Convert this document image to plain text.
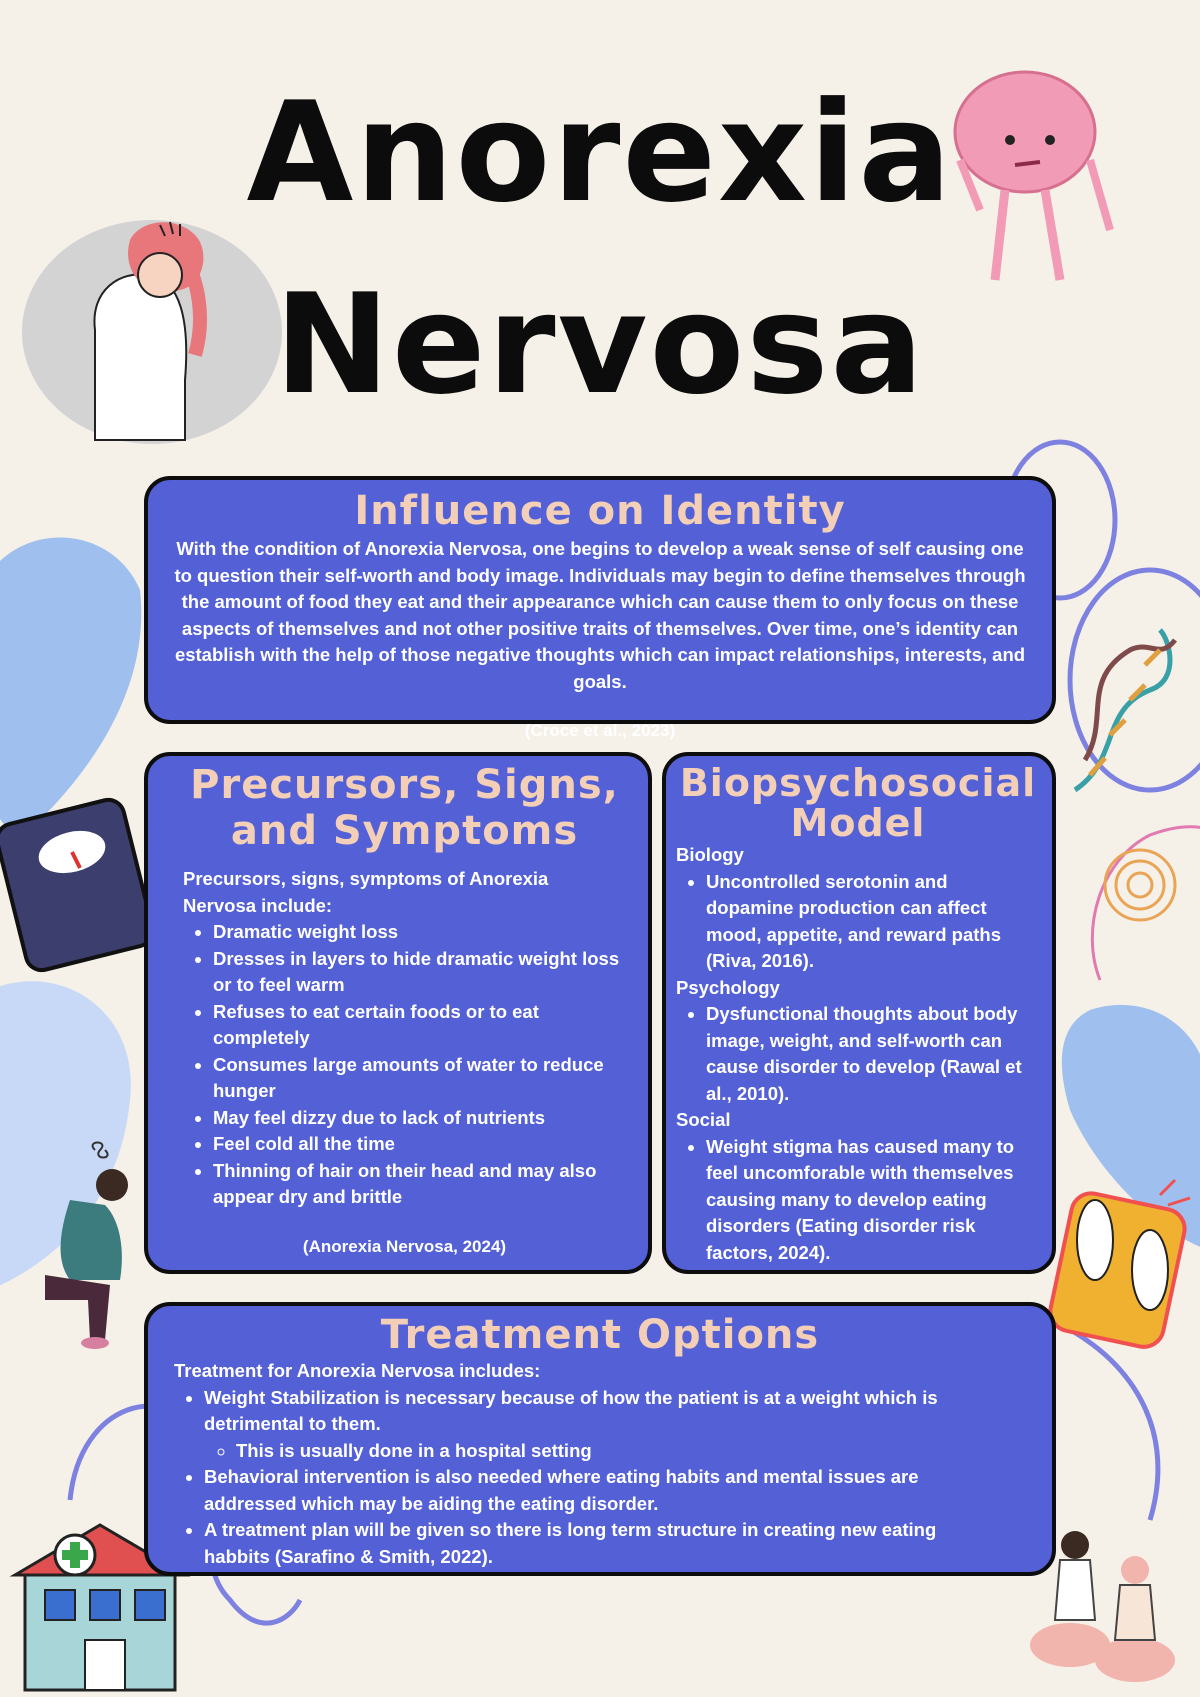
Anorexia
Nervosa
Influence on Identity
With the condition of Anorexia Nervosa, one begins to develop a weak sense of self causing one to question their self-worth and body image. Individuals may begin to define themselves through the amount of food they eat and their appearance which can cause them to only focus on these aspects of themselves and not other positive traits of themselves. Over time, one’s identity can establish with the help of those negative thoughts which can impact relationships, interests, and goals.
(Croce et al., 2023)
Precursors, Signs,
and Symptoms
Precursors, signs, symptoms of Anorexia Nervosa include:
• Dramatic weight loss
• Dresses in layers to hide dramatic weight loss or to feel warm
• Refuses to eat certain foods or to eat completely
• Consumes large amounts of water to reduce hunger
• May feel dizzy due to lack of nutrients
• Feel cold all the time
• Thinning of hair on their head and may also appear dry and brittle
(Anorexia Nervosa, 2024)
Biopsychosocial
Model
Biology
• Uncontrolled serotonin and dopamine production can affect mood, appetite, and reward paths (Riva, 2016).
Psychology
• Dysfunctional thoughts about body image, weight, and self-worth can cause disorder to develop (Rawal et al., 2010).
Social
• Weight stigma has caused many to feel uncomforable with themselves causing many to develop eating disorders (Eating disorder risk factors, 2024).
Treatment Options
Treatment for Anorexia Nervosa includes:
• Weight Stabilization is necessary because of how the patient is at a weight which is detrimental to them.
◦ This is usually done in a hospital setting
• Behavioral intervention is also needed where eating habits and mental issues are addressed which may be aiding the eating disorder.
• A treatment plan will be given so there is long term structure in creating new eating habbits (Sarafino & Smith, 2022).
